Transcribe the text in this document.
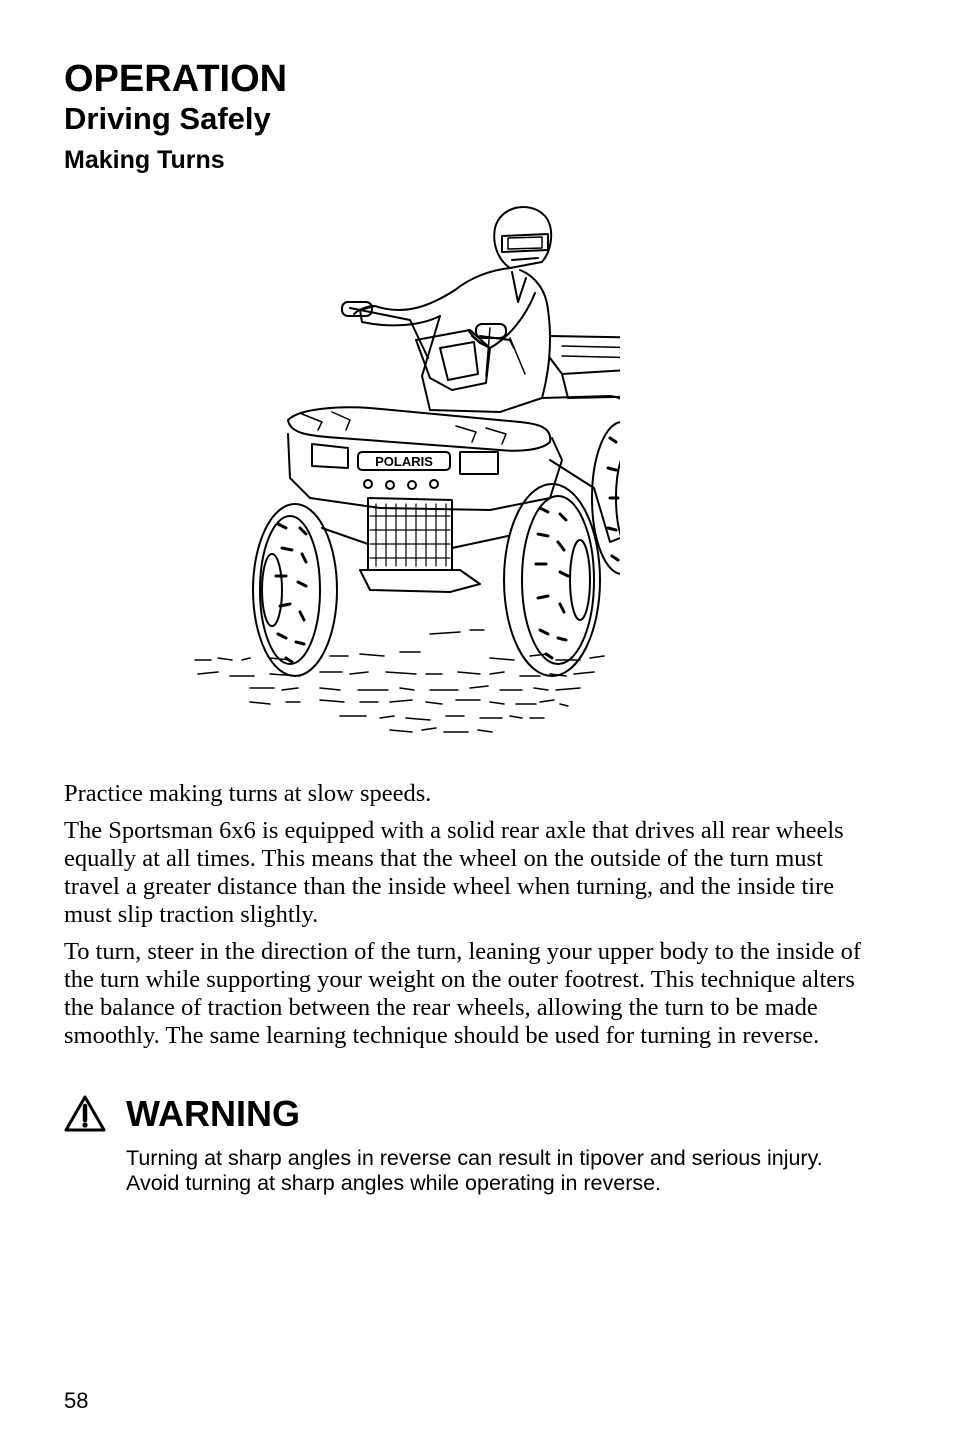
OPERATION
Driving Safely
Making Turns
POLARIS

Practice making turns at slow speeds.

The Sportsman 6x6 is equipped with a solid rear axle that drives all rear wheels equally at all times. This means that the wheel on the outside of the turn must travel a greater distance than the inside wheel when turning, and the inside tire must slip traction slightly.

To turn, steer in the direction of the turn, leaning your upper body to the inside of the turn while supporting your weight on the outer footrest. This technique alters the balance of traction between the rear wheels, allowing the turn to be made smoothly. The same learning technique should be used for turning in reverse.

WARNING
Turning at sharp angles in reverse can result in tipover and serious injury. Avoid turning at sharp angles while operating in reverse.
58
